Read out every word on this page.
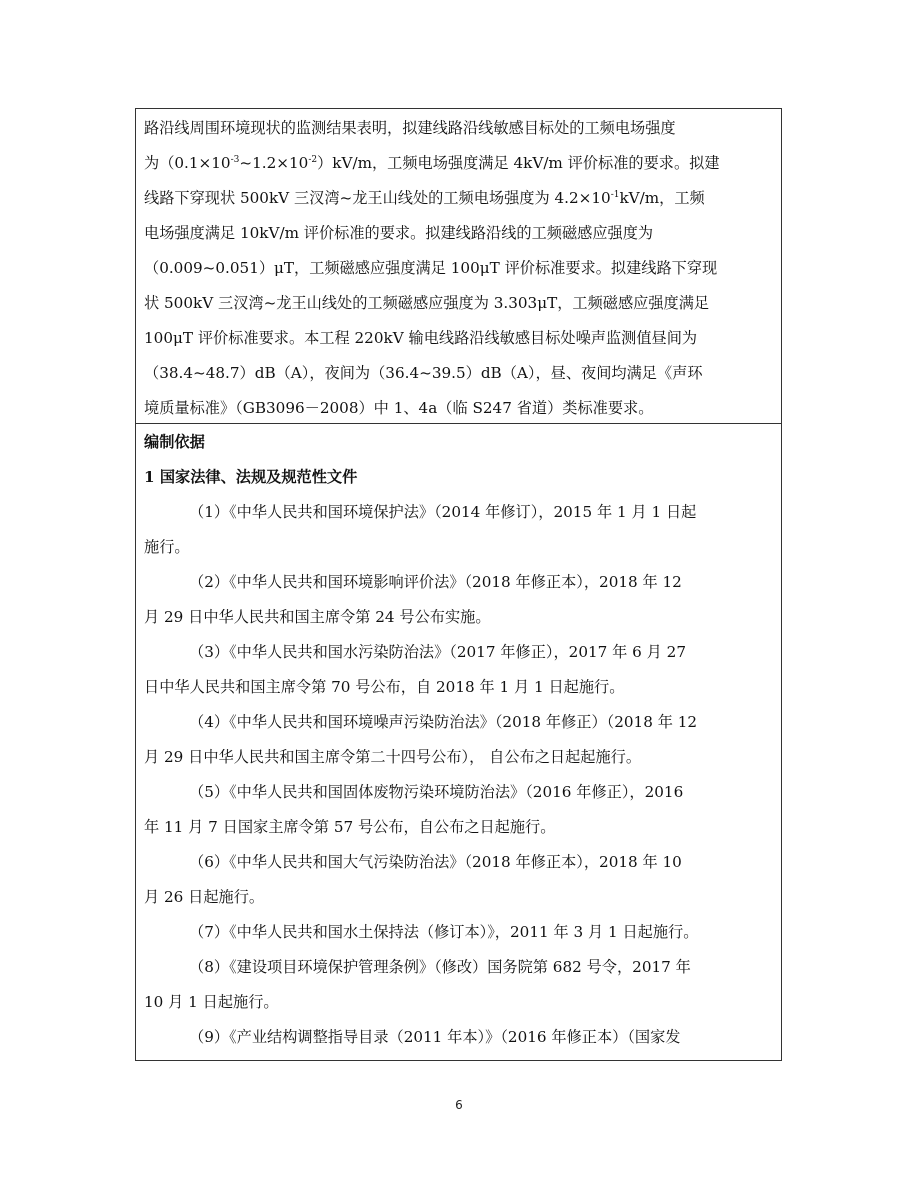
路沿线周围环境现状的监测结果表明，拟建线路沿线敏感目标处的工频电场强度
为$(0.1\times 10^{-3}\sim 1.2\times 10^{-2})kV/m$，工频电场强度满足 4kV/m 评价标准的要求。拟建
线路下穿现状 500kV 三汊湾~龙王山线处的工频电场强度为 $4.2\times 10^{-1}kV/m$，工频
电场强度满足 10kV/m 评价标准的要求。拟建线路沿线的工频磁感应强度为
（0.009~0.051）μT，工频磁感应强度满足 100μT 评价标准要求。拟建线路下穿现
状 500kV 三汊湾~龙王山线处的工频磁感应强度为 3.303μT，工频磁感应强度满足
100μT 评价标准要求。本工程 220kV 输电线路沿线敏感目标处噪声监测值昼间为
（38.4~48.7）dB（A），夜间为（36.4~39.5）dB（A），昼、夜间均满足《声环
境质量标准》（GB3096－2008）中 1、4a（临 S247 省道）类标准要求。
编制依据
1 国家法律、法规及规范性文件
（1）《中华人民共和国环境保护法》（2014 年修订），2015 年 1 月 1 日起
施行。
（2）《中华人民共和国环境影响评价法》（2018 年修正本），2018 年 12
月 29 日中华人民共和国主席令第 24 号公布实施。
（3）《中华人民共和国水污染防治法》（2017 年修正），2017 年 6 月 27
日中华人民共和国主席令第 70 号公布，自 2018 年 1 月 1 日起施行。
（4）《中华人民共和国环境噪声污染防治法》（2018 年修正）（2018 年 12
月 29 日中华人民共和国主席令第二十四号公布）， 自公布之日起起施行。
（5）《中华人民共和国固体废物污染环境防治法》（2016 年修正），2016
年 11 月 7 日国家主席令第 57 号公布，自公布之日起施行。
（6）《中华人民共和国大气污染防治法》（2018 年修正本），2018 年 10
月 26 日起施行。
（7）《中华人民共和国水土保持法（修订本）》，2011 年 3 月 1 日起施行。
（8）《建设项目环境保护管理条例》（修改）国务院第 682 号令，2017 年
10 月 1 日起施行。
（9）《产业结构调整指导目录（2011 年本）》（2016 年修正本）（国家发
6
